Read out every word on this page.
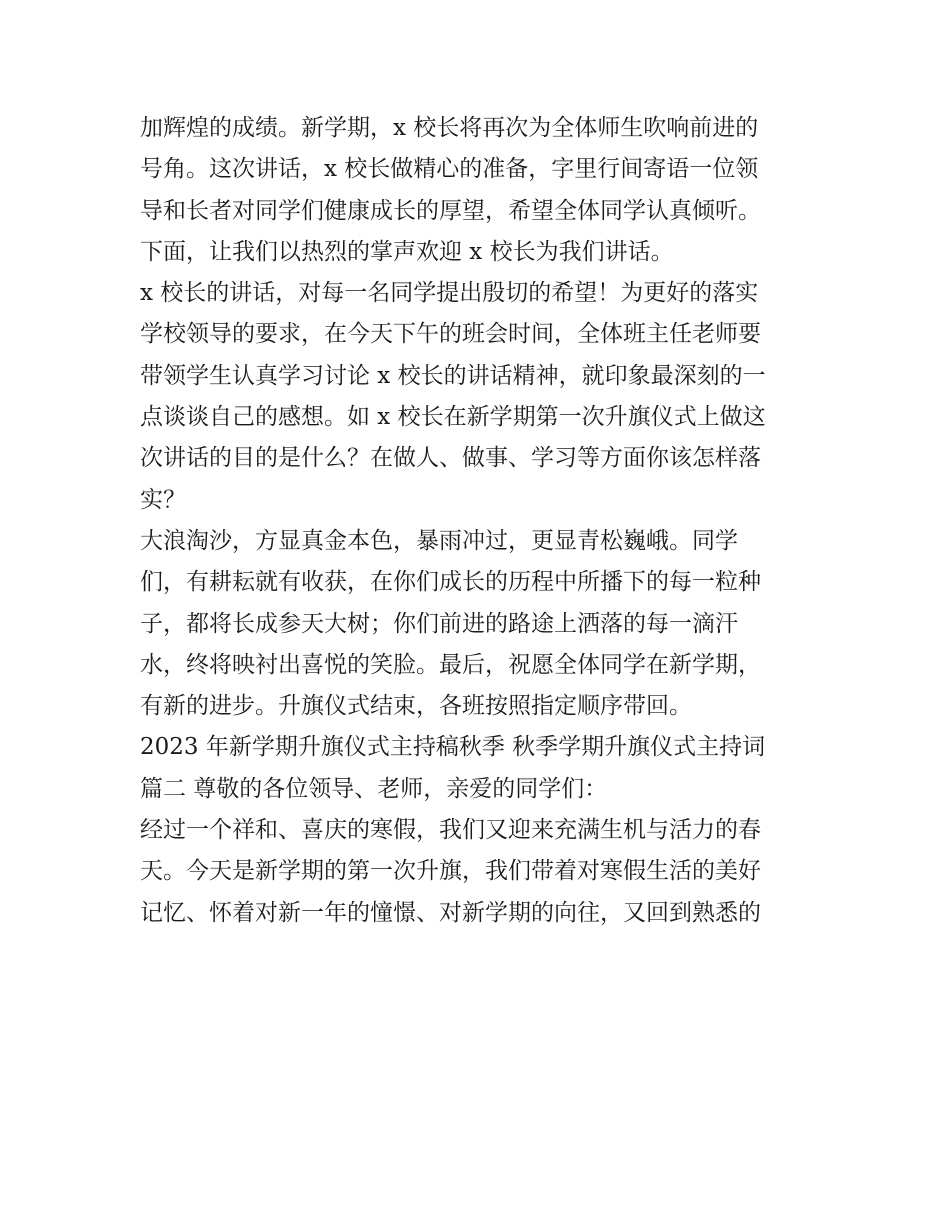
加辉煌的成绩。新学期，x 校长将再次为全体师生吹响前进的
号角。这次讲话，x 校长做精心的准备，字里行间寄语一位领
导和长者对同学们健康成长的厚望，希望全体同学认真倾听。
下面，让我们以热烈的掌声欢迎 x 校长为我们讲话。
x 校长的讲话，对每一名同学提出殷切的希望！为更好的落实
学校领导的要求，在今天下午的班会时间，全体班主任老师要
带领学生认真学习讨论 x 校长的讲话精神，就印象最深刻的一
点谈谈自己的感想。如 x 校长在新学期第一次升旗仪式上做这
次讲话的目的是什么？在做人、做事、学习等方面你该怎样落
实？
大浪淘沙，方显真金本色，暴雨冲过，更显青松巍峨。同学
们，有耕耘就有收获，在你们成长的历程中所播下的每一粒种
子，都将长成参天大树；你们前进的路途上洒落的每一滴汗
水，终将映衬出喜悦的笑脸。最后，祝愿全体同学在新学期，
有新的进步。升旗仪式结束，各班按照指定顺序带回。
2023 年新学期升旗仪式主持稿秋季 秋季学期升旗仪式主持词
篇二 尊敬的各位领导、老师，亲爱的同学们：
经过一个祥和、喜庆的寒假，我们又迎来充满生机与活力的春
天。今天是新学期的第一次升旗，我们带着对寒假生活的美好
记忆、怀着对新一年的憧憬、对新学期的向往，又回到熟悉的
